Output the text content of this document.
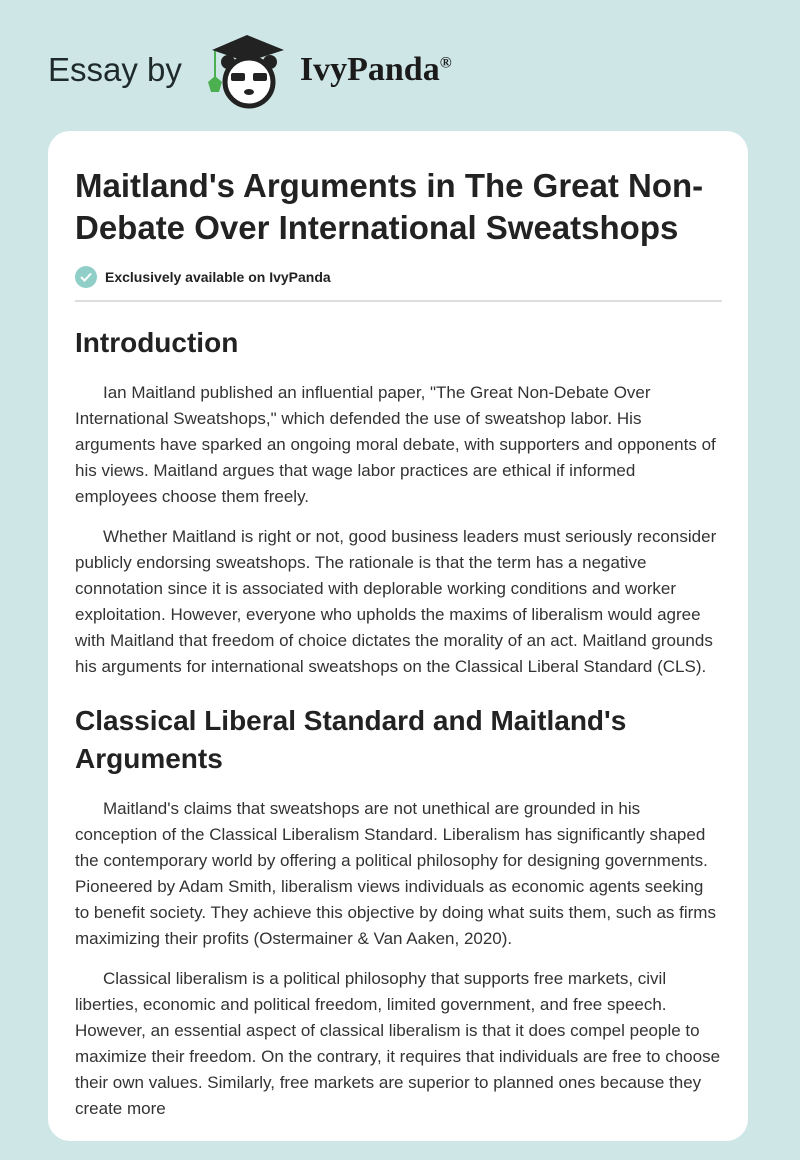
Essay by	IvyPanda®
Maitland's Arguments in The Great Non-Debate Over International Sweatshops
Exclusively available on IvyPanda
Introduction

Ian Maitland published an influential paper, "The Great Non-Debate Over International Sweatshops," which defended the use of sweatshop labor. His arguments have sparked an ongoing moral debate, with supporters and opponents of his views. Maitland argues that wage labor practices are ethical if informed employees choose them freely.

Whether Maitland is right or not, good business leaders must seriously reconsider publicly endorsing sweatshops. The rationale is that the term has a negative connotation since it is associated with deplorable working conditions and worker exploitation. However, everyone who upholds the maxims of liberalism would agree with Maitland that freedom of choice dictates the morality of an act. Maitland grounds his arguments for international sweatshops on the Classical Liberal Standard (CLS).

Classical Liberal Standard and Maitland's Arguments

Maitland's claims that sweatshops are not unethical are grounded in his conception of the Classical Liberalism Standard. Liberalism has significantly shaped the contemporary world by offering a political philosophy for designing governments. Pioneered by Adam Smith, liberalism views individuals as economic agents seeking to benefit society. They achieve this objective by doing what suits them, such as firms maximizing their profits (Ostermainer & Van Aaken, 2020).

Classical liberalism is a political philosophy that supports free markets, civil liberties, economic and political freedom, limited government, and free speech. However, an essential aspect of classical liberalism is that it does compel people to maximize their freedom. On the contrary, it requires that individuals are free to choose their own values. Similarly, free markets are superior to planned ones because they create more
